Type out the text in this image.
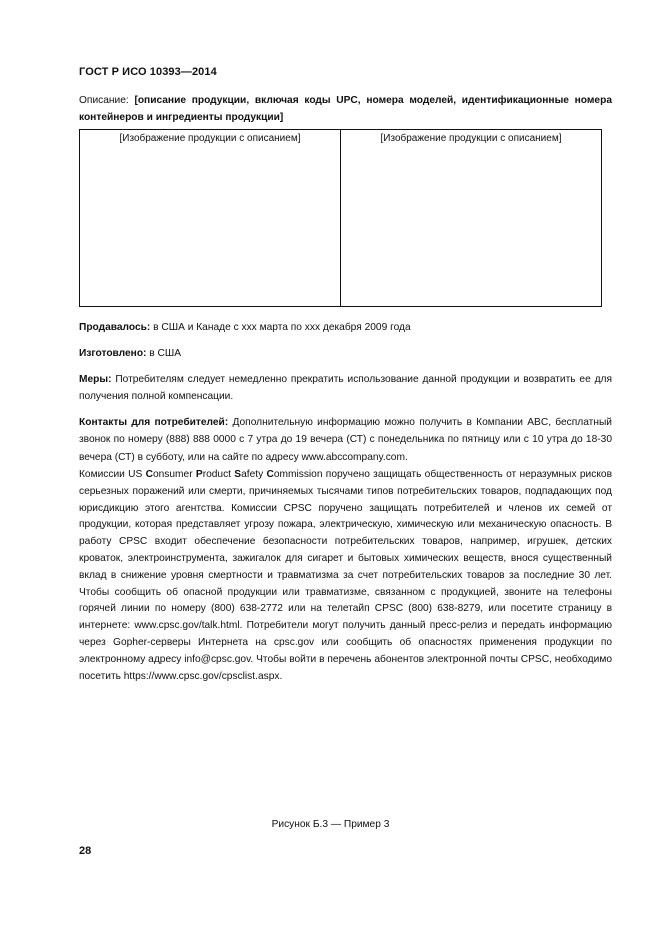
ГОСТ Р ИСО 10393—2014

Описание: [описание продукции, включая коды UPC, номера моделей, идентификационные номера контейнеров и ингредиенты продукции]

[Изображение продукции с описанием]	[Изображение продукции с описанием]

Продавалось: в США и Канаде с ххх марта по ххх декабря 2009 года

Изготовлено: в США

Меры: Потребителям следует немедленно прекратить использование данной продукции и возвратить ее для получения полной компенсации.

Контакты для потребителей: Дополнительную информацию можно получить в Компании ABC, бесплатный звонок по номеру (888) 888 0000 с 7 утра до 19 вечера (СТ) с понедельника по пятницу или с 10 утра до 18-30 вечера (СТ) в субботу, или на сайте по адресу www.abccompany.com.

Комиссии US Consumer Product Safety Commission поручено защищать общественность от неразумных рисков серьезных поражений или смерти, причиняемых тысячами типов потребительских товаров, подпадающих под юрисдикцию этого агентства. Комиссии CPSC поручено защищать потребителей и членов их семей от продукции, которая представляет угрозу пожара, электрическую, химическую или механическую опасность. В работу CPSC входит обеспечение безопасности потребительских товаров, например, игрушек, детских кроваток, электроинструмента, зажигалок для сигарет и бытовых химических веществ, внося существенный вклад в снижение уровня смертности и травматизма за счет потребительских товаров за последние 30 лет. Чтобы сообщить об опасной продукции или травматизме, связанном с продукцией, звоните на телефоны горячей линии по номеру (800) 638-2772 или на телетайп CPSC (800) 638-8279, или посетите страницу в интернете: www.cpsc.gov/talk.html. Потребители могут получить данный пресс-релиз и передать информацию через Gopher-серверы Интернета на cpsc.gov или сообщить об опасностях применения продукции по электронному адресу info@cpsc.gov. Чтобы войти в перечень абонентов электронной почты CPSC, необходимо посетить https://www.cpsc.gov/cpsclist.aspx.

Рисунок Б.3 — Пример 3
28
